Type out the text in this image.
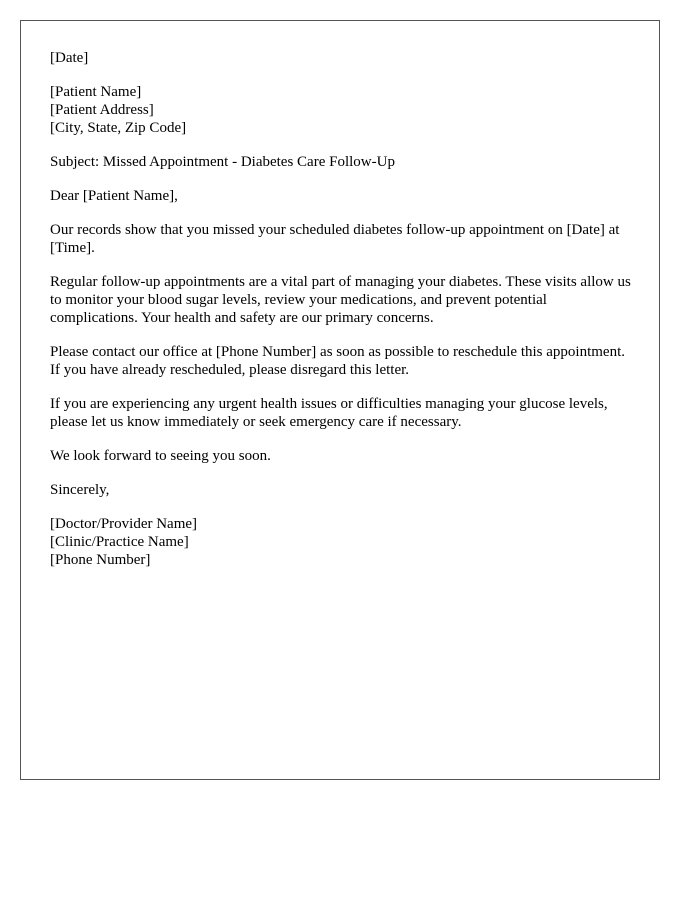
[Date]

[Patient Name]
[Patient Address]
[City, State, Zip Code]

Subject: Missed Appointment - Diabetes Care Follow-Up

Dear [Patient Name],

Our records show that you missed your scheduled diabetes follow-up appointment on [Date] at [Time].

Regular follow-up appointments are a vital part of managing your diabetes. These visits allow us to monitor your blood sugar levels, review your medications, and prevent potential complications. Your health and safety are our primary concerns.

Please contact our office at [Phone Number] as soon as possible to reschedule this appointment. If you have already rescheduled, please disregard this letter.

If you are experiencing any urgent health issues or difficulties managing your glucose levels, please let us know immediately or seek emergency care if necessary.

We look forward to seeing you soon.

Sincerely,

[Doctor/Provider Name]
[Clinic/Practice Name]
[Phone Number]
